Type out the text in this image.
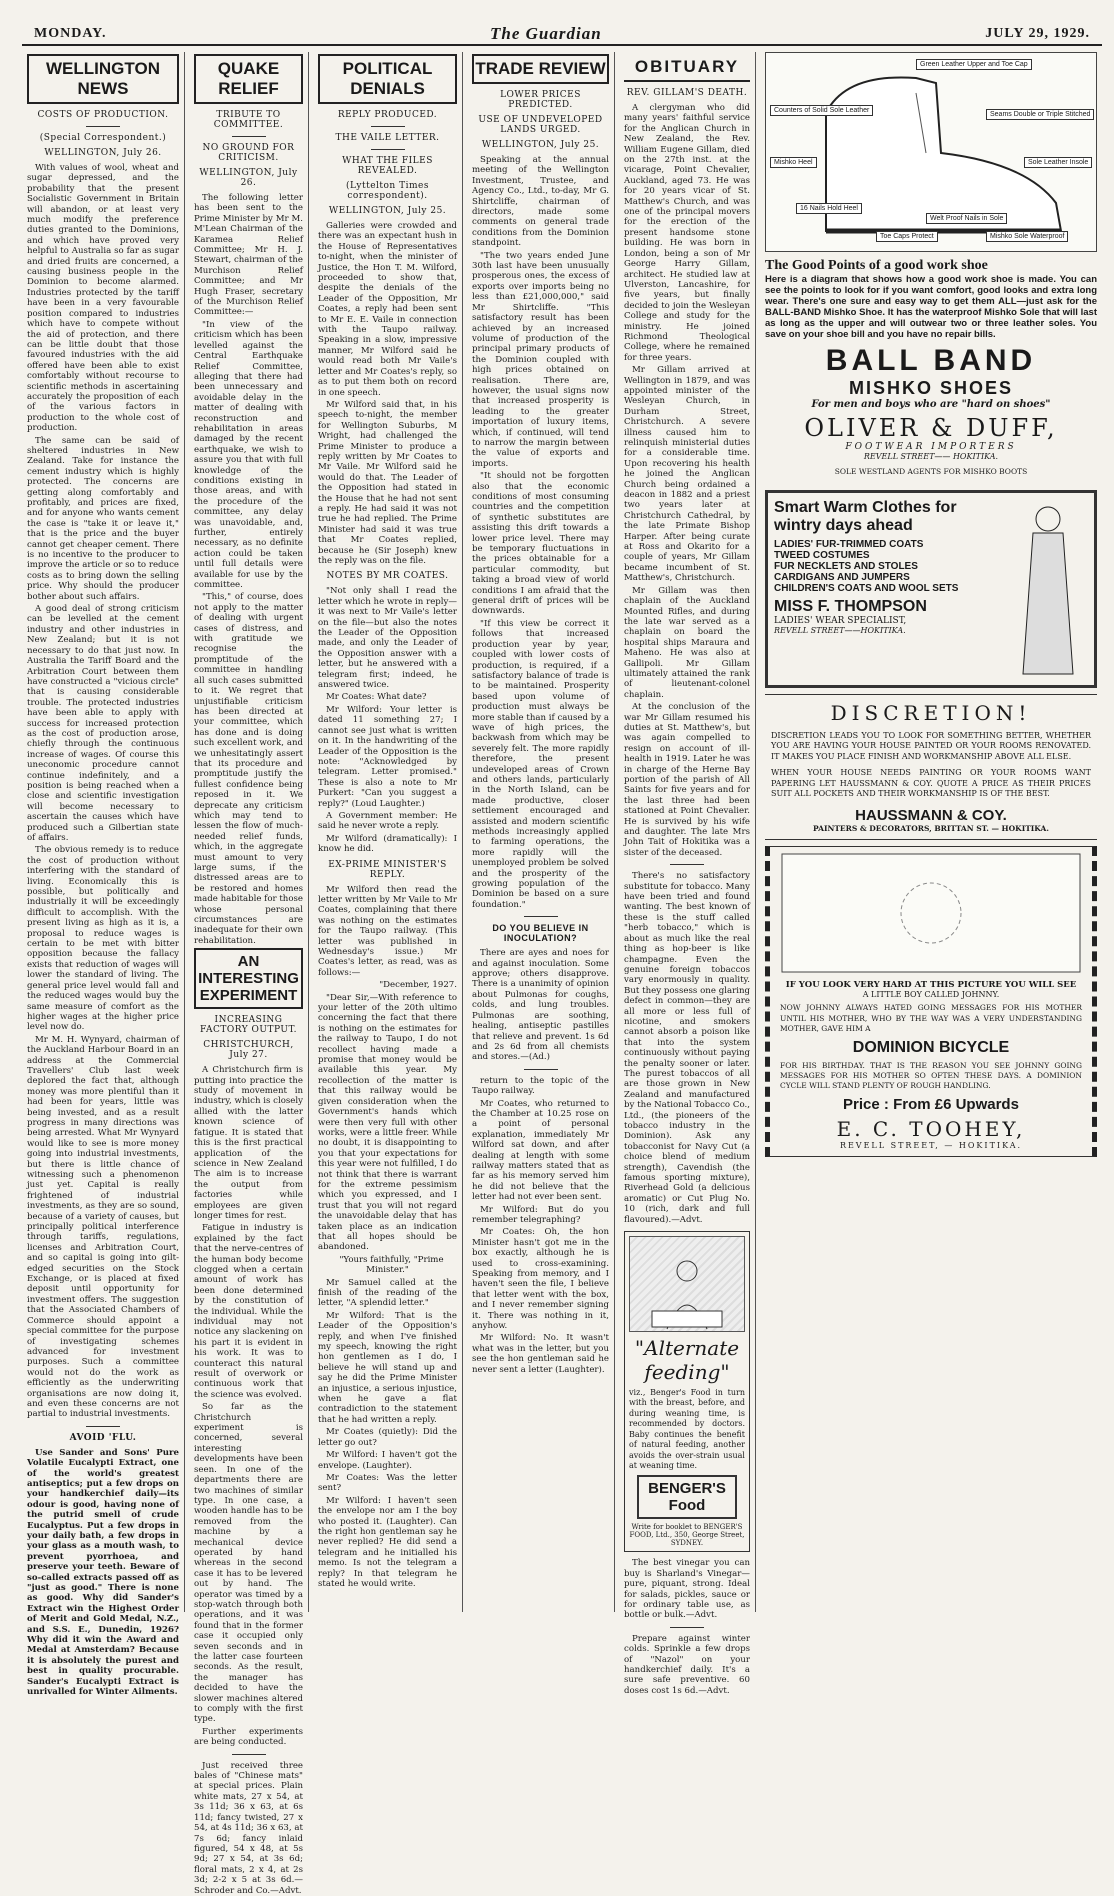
MONDAY.	The Guardian	JULY 29, 1929.
WELLINGTON NEWS
COSTS OF PRODUCTION.
(Special Correspondent.)
WELLINGTON, July 26.

With values of wool, wheat and sugar depressed, and the probability that the present Socialistic Government in Britain will abandon, or at least very much modify the preference duties granted to the Dominions, and which have proved very helpful to Australia so far as sugar and dried fruits are concerned, a causing business people in the Dominion to become alarmed. Industries protected by the tariff have been in a very favourable position compared to industries which have to compete without the aid of protection, and there can be little doubt that those favoured industries with the aid offered have been able to exist comfortably without recourse to scientific methods in ascertaining accurately the proposition of each of the various factors in production to the whole cost of production.

The same can be said of sheltered industries in New Zealand. Take for instance the cement industry which is highly protected. The concerns are getting along comfortably and profitably, and prices are fixed, and for anyone who wants cement the case is "take it or leave it," that is the price and the buyer cannot get cheaper cement. There is no incentive to the producer to improve the article or so to reduce costs as to bring down the selling price. Why should the producer bother about such affairs.

A good deal of strong criticism can be levelled at the cement industry and other industries in New Zealand; but it is not necessary to do that just now. In Australia the Tariff Board and the Arbitration Court between them have constructed a "vicious circle" that is causing considerable trouble. The protected industries have been able to apply with success for increased protection as the cost of production arose, chiefly through the continuous increase of wages. Of course this uneconomic procedure cannot continue indefinitely, and a position is being reached when a close and scientific investigation will become necessary to ascertain the causes which have produced such a Gilbertian state of affairs.

The obvious remedy is to reduce the cost of production without interfering with the standard of living. Economically this is possible, but politically and industrially it will be exceedingly difficult to accomplish. With the present living as high as it is, a proposal to reduce wages is certain to be met with bitter opposition because the fallacy exists that reduction of wages will lower the standard of living. The general price level would fall and the reduced wages would buy the same measure of comfort as the higher wages at the higher price level now do.

Mr M. H. Wynyard, chairman of the Auckland Harbour Board in an address at the Commercial Travellers' Club last week deplored the fact that, although money was more plentiful than it had been for years, little was being invested, and as a result progress in many directions was being arrested. What Mr Wynyard would like to see is more money going into industrial investments, but there is little chance of witnessing such a phenomenon just yet. Capital is really frightened of industrial investments, as they are so sound, because of a variety of causes, but principally political interference through tariffs, regulations, licenses and Arbitration Court, and so capital is going into gilt-edged securities on the Stock Exchange, or is placed at fixed deposit until opportunity for investment offers. The suggestion that the Associated Chambers of Commerce should appoint a special committee for the purpose of investigating schemes advanced for investment purposes. Such a committee would not do the work as efficiently as the underwriting organisations are now doing it, and even these concerns are not partial to industrial investments.

AVOID 'FLU.

Use Sander and Sons' Pure Volatile Eucalypti Extract, one of the world's greatest antiseptics; put a few drops on your handkerchief daily—its odour is good, having none of the putrid smell of crude Eucalyptus. Put a few drops in your daily bath, a few drops in your glass as a mouth wash, to prevent pyorrhoea, and preserve your teeth. Beware of so-called extracts passed off as "just as good." There is none as good. Why did Sander's Extract win the Highest Order of Merit and Gold Medal, N.Z., and S.S. E., Dunedin, 1926? Why did it win the Award and Medal at Amsterdam? Because it is absolutely the purest and best in quality procurable. Sander's Eucalypti Extract is unrivalled for Winter Ailments.

QUAKE RELIEF
TRIBUTE TO COMMITTEE.
NO GROUND FOR CRITICISM.
WELLINGTON, July 26.

The following letter has been sent to the Prime Minister by Mr M. M'Lean Chairman of the Karamea Relief Committee; Mr H. J. Stewart, chairman of the Murchison Relief Committee; and Mr Hugh Fraser, secretary of the Murchison Relief Committee:—

"In view of the criticism which has been levelled against the Central Earthquake Relief Committee, alleging that there had been unnecessary and avoidable delay in the matter of dealing with reconstruction and rehabilitation in areas damaged by the recent earthquake, we wish to assure you that with full knowledge of the conditions existing in those areas, and with the procedure of the committee, any delay was unavoidable, and, further, entirely necessary, as no definite action could be taken until full details were available for use by the committee.

"This," of course, does not apply to the matter of dealing with urgent cases of distress, and with gratitude we recognise the promptitude of the committee in handling all such cases submitted to it. We regret that unjustifiable criticism has been directed at your committee, which has done and is doing such excellent work, and we unhesitatingly assert that its procedure and promptitude justify the fullest confidence being reposed in it. We deprecate any criticism which may tend to lessen the flow of much-needed relief funds, which, in the aggregate must amount to very large sums, if the distressed areas are to be restored and homes made habitable for those whose personal circumstances are inadequate for their own rehabilitation.

AN INTERESTING EXPERIMENT
INCREASING FACTORY OUTPUT.
CHRISTCHURCH, July 27.

A Christchurch firm is putting into practice the study of movement in industry, which is closely allied with the latter known science of fatigue. It is stated that this is the first practical application of the science in New Zealand The aim is to increase the output from factories while employees are given longer times for rest.

Fatigue in industry is explained by the fact that the nerve-centres of the human body become clogged when a certain amount of work has been done determined by the constitution of the individual. While the individual may not notice any slackening on his part it is evident in his work. It was to counteract this natural result of overwork or continuous work that the science was evolved.

So far as the Christchurch experiment is concerned, several interesting developments have been seen. In one of the departments there are two machines of similar type. In one case, a wooden handle has to be removed from the machine by a mechanical device operated by hand whereas in the second case it has to be levered out by hand. The operator was timed by a stop-watch through both operations, and it was found that in the former case it occupied only seven seconds and in the latter case fourteen seconds. As the result, the manager has decided to have the slower machines altered to comply with the first type.

Further experiments are being conducted.

Just received three bales of "Chinese mats" at special prices. Plain white mats, 27 x 54, at 3s 11d; 36 x 63, at 6s 11d; fancy twisted, 27 x 54, at 4s 11d; 36 x 63, at 7s 6d; fancy inlaid figured, 54 x 48, at 5s 9d; 27 x 54, at 3s 6d; floral mats, 2 x 4, at 2s 3d; 2-2 x 5 at 3s 6d.—Schroder and Co.—Advt.

POLITICAL DENIALS
REPLY PRODUCED.
THE VAILE LETTER.
WHAT THE FILES REVEALED.
(Lyttelton Times correspondent).
WELLINGTON, July 25.

Galleries were crowded and there was an expectant hush in the House of Representatives to-night, when the minister of Justice, the Hon T. M. Wilford, proceeded to show that, despite the denials of the Leader of the Opposition, Mr Coates, a reply had been sent to Mr E. E. Vaile in connection with the Taupo railway. Speaking in a slow, impressive manner, Mr Wilford said he would read both Mr Vaile's letter and Mr Coates's reply, so as to put them both on record in one speech.

Mr Wilford said that, in his speech to-night, the member for Wellington Suburbs, M Wright, had challenged the Prime Minister to produce a reply written by Mr Coates to Mr Vaile. Mr Wilford said he would do that. The Leader of the Opposition had stated in the House that he had not sent a reply. He had said it was not true he had replied. The Prime Minister had said it was true that Mr Coates replied, because he (Sir Joseph) knew the reply was on the file.

NOTES BY MR COATES.

"Not only shall I read the letter which he wrote in reply—it was next to Mr Vaile's letter on the file—but also the notes the Leader of the Opposition made, and only the Leader of the Opposition answer with a letter, but he answered with a telegram first; indeed, he answered twice.

Mr Coates: What date?

Mr Wilford: Your letter is dated 11 something 27; I cannot see just what is written on it. In the handwriting of the Leader of the Opposition is the note: "Acknowledged by telegram. Letter promised." These is also a note to Mr Purkert: "Can you suggest a reply?" (Loud Laughter.)

A Government member: He said he never wrote a reply.

Mr Wilford (dramatically): I know he did.

EX-PRIME MINISTER'S REPLY.

Mr Wilford then read the letter written by Mr Vaile to Mr Coates, complaining that there was nothing on the estimates for the Taupo railway. (This letter was published in Wednesday's issue.) Mr Coates's letter, as read, was as follows:—

"December, 1927.

"Dear Sir,—With reference to your letter of the 20th ultimo concerning the fact that there is nothing on the estimates for the railway to Taupo, I do not recollect having made a promise that money would be available this year. My recollection of the matter is that this railway would be given consideration when the Government's hands which were then very full with other works, were a little freer. While no doubt, it is disappointing to you that your expectations for this year were not fulfilled, I do not think that there is warrant for the extreme pessimism which you expressed, and I trust that you will not regard the unavoidable delay that has taken place as an indication that all hopes should be abandoned.

"Yours faithfully, "Prime Minister."

Mr Samuel called at the finish of the reading of the letter, "A splendid letter."

Mr Wilford: That is the Leader of the Opposition's reply, and when I've finished my speech, knowing the right hon gentlemen as I do, I believe he will stand up and say he did the Prime Minister an injustice, a serious injustice, when he gave a flat contradiction to the statement that he had written a reply.

Mr Coates (quietly): Did the letter go out?

Mr Wilford: I haven't got the envelope. (Laughter).

Mr Coates: Was the letter sent?

Mr Wilford: I haven't seen the envelope nor am I the boy who posted it. (Laughter). Can the right hon gentleman say he never replied? He did send a telegram and he initialled his memo. Is not the telegram a reply? In that telegram he stated he would write.

TRADE REVIEW
LOWER PRICES PREDICTED.
USE OF UNDEVELOPED LANDS URGED.
WELLINGTON, July 25.

Speaking at the annual meeting of the Wellington Investment, Trustee, and Agency Co., Ltd., to-day, Mr G. Shirtcliffe, chairman of directors, made some comments on general trade conditions from the Dominion standpoint.

"The two years ended June 30th last have been unusually prosperous ones, the excess of exports over imports being no less than £21,000,000," said Mr Shirtcliffe. "This satisfactory result has been achieved by an increased volume of production of the principal primary products of the Dominion coupled with high prices obtained on realisation. There are, however, the usual signs now that increased prosperity is leading to the greater importation of luxury items, which, if continued, will tend to narrow the margin between the value of exports and imports.

"It should not be forgotten also that the economic conditions of most consuming countries and the competition of synthetic substitutes are assisting this drift towards a lower price level. There may be temporary fluctuations in the prices obtainable for a particular commodity, but taking a broad view of world conditions I am afraid that the general drift of prices will be downwards.

"If this view be correct it follows that increased production year by year, coupled with lower costs of production, is required, if a satisfactory balance of trade is to be maintained. Prosperity based upon volume of production must always be more stable than if caused by a wave of high prices, the backwash from which may be severely felt. The more rapidly therefore, the present undeveloped areas of Crown and others lands, particularly in the North Island, can be made productive, closer settlement encouraged and assisted and modern scientific methods increasingly applied to farming operations, the more rapidly will the unemployed problem be solved and the prosperity of the growing population of the Dominion be based on a sure foundation."

DO YOU BELIEVE IN INOCULATION?

There are ayes and noes for and against inoculation. Some approve; others disapprove. There is a unanimity of opinion about Pulmonas for coughs, colds, and lung troubles. Pulmonas are soothing, healing, antiseptic pastilles that relieve and prevent. 1s 6d and 2s 6d from all chemists and stores.—(Ad.)

return to the topic of the Taupo railway.

Mr Coates, who returned to the Chamber at 10.25 rose on a point of personal explanation, immediately Mr Wilford sat down, and after dealing at length with some railway matters stated that as far as his memory served him he did not believe that the letter had not ever been sent.

Mr Wilford: But do you remember telegraphing?

Mr Coates: Oh, the hon Minister hasn't got me in the box exactly, although he is used to cross-examining. Speaking from memory, and I haven't seen the file, I believe that letter went with the box, and I never remember signing it. There was nothing in it, anyhow.

Mr Wilford: No. It wasn't what was in the letter, but you see the hon gentleman said he never sent a letter (Laughter).

OBITUARY
REV. GILLAM'S DEATH.

A clergyman who did many years' faithful service for the Anglican Church in New Zealand, the Rev. William Eugene Gillam, died on the 27th inst. at the vicarage, Point Chevalier, Auckland, aged 73. He was for 20 years vicar of St. Matthew's Church, and was one of the principal movers for the erection of the present handsome stone building. He was born in London, being a son of Mr George Harry Gillam, architect. He studied law at Ulverston, Lancashire, for five years, but finally decided to join the Wesleyan College and study for the ministry. He joined Richmond Theological College, where he remained for three years.

Mr Gillam arrived at Wellington in 1879, and was appointed minister of the Wesleyan Church, in Durham Street, Christchurch. A severe illness caused him to relinquish ministerial duties for a considerable time. Upon recovering his health he joined the Anglican Church being ordained a deacon in 1882 and a priest two years later at Christchurch Cathedral, by the late Primate Bishop Harper. After being curate at Ross and Okarito for a couple of years, Mr Gillam became incumbent of St. Matthew's, Christchurch.

Mr Gillam was then chaplain of the Auckland Mounted Rifles, and during the late war served as a chaplain on board the hospital ships Maraura and Maheno. He was also at Gallipoli. Mr Gillam ultimately attained the rank of lieutenant-colonel chaplain.

At the conclusion of the war Mr Gillam resumed his duties at St. Matthew's, but was again compelled to resign on account of ill-health in 1919. Later he was in charge of the Herne Bay portion of the parish of All Saints for five years and for the last three had been stationed at Point Chevalier. He is survived by his wife and daughter. The late Mrs John Tait of Hokitika was a sister of the deceased.

There's no satisfactory substitute for tobacco. Many have been tried and found wanting. The best known of these is the stuff called "herb tobacco," which is about as much like the real thing as hop-beer is like champagne. Even the genuine foreign tobaccos vary enormously in quality. But they possess one glaring defect in common—they are all more or less full of nicotine, and smokers cannot absorb a poison like that into the system continuously without paying the penalty sooner or later. The purest tobaccos of all are those grown in New Zealand and manufactured by the National Tobacco Co., Ltd., (the pioneers of the tobacco industry in the Dominion). Ask any tobacconist for Navy Cut (a choice blend of medium strength), Cavendish (the famous sporting mixture), Riverhead Gold (a delicious aromatic) or Cut Plug No. 10 (rich, dark and full flavoured).—Advt.

"Alternate feeding"

viz., Benger's Food in turn with the breast, before, and during weaning time, is recommended by doctors. Baby continues the benefit of natural feeding, another avoids the over-strain usual at weaning time.

BENGER'S Food
Write for booklet to BENGER'S FOOD, Ltd., 350, George Street, SYDNEY.

The best vinegar you can buy is Sharland's Vinegar—pure, piquant, strong. Ideal for salads, pickles, sauce or for ordinary table use, as bottle or bulk.—Advt.

Prepare against winter colds. Sprinkle a few drops of "Nazol" on your handkerchief daily. It's a sure safe preventive. 60 doses cost 1s 6d.—Advt.

Green Leather Upper and Toe Cap
Counters of Solid Sole Leather
Seams Double or Triple Stitched
Mishko Heel	Sole Leather Insole
16 Nails Hold Heel
Toe Caps Protect	Mishko Sole Waterproof
Welt Proof Nails in Sole
The Good Points of a good work shoe

Here is a diagram that shows how a good work shoe is made. You can see the points to look for if you want comfort, good looks and extra long wear. There's one sure and easy way to get them ALL—just ask for the BALL-BAND Mishko Shoe. It has the waterproof Mishko Sole that will last as long as the upper and will outwear two or three leather soles. You save on your shoe bill and you have no repair bills.

BALL BAND
MISHKO SHOES
For men and boys who are "hard on shoes"
OLIVER & DUFF,
FOOTWEAR IMPORTERS
REVELL STREET—— HOKITIKA.
SOLE WESTLAND AGENTS FOR MISHKO BOOTS
Smart Warm Clothes for wintry days ahead
LADIES' FUR-TRIMMED COATS
TWEED COSTUMES
FUR NECKLETS AND STOLES
CARDIGANS AND JUMPERS
CHILDREN'S COATS AND WOOL SETS
MISS F. THOMPSON
LADIES' WEAR SPECIALIST,
REVELL STREET——HOKITIKA.
DISCRETION!

DISCRETION LEADS YOU TO LOOK FOR SOMETHING BETTER, WHETHER YOU ARE HAVING YOUR HOUSE PAINTED OR YOUR ROOMS RENOVATED. IT MAKES YOU PLACE FINISH AND WORKMANSHIP ABOVE ALL ELSE.

WHEN YOUR HOUSE NEEDS PAINTING OR YOUR ROOMS WANT PAPERING LET HAUSSMANN & COY. QUOTE A PRICE AS THEIR PRICES SUIT ALL POCKETS AND THEIR WORKMANSHIP IS OF THE BEST.

HAUSSMANN & COY.
PAINTERS & DECORATORS, BRITTAN ST. — HOKITIKA.
IF YOU LOOK VERY HARD AT THIS PICTURE YOU WILL SEE
A LITTLE BOY CALLED JOHNNY.

NOW JOHNNY ALWAYS HATED GOING MESSAGES FOR HIS MOTHER UNTIL HIS MOTHER, WHO BY THE WAY WAS A VERY UNDERSTANDING MOTHER, GAVE HIM A

DOMINION BICYCLE

FOR HIS BIRTHDAY. THAT IS THE REASON YOU SEE JOHNNY GOING MESSAGES FOR HIS MOTHER SO OFTEN THESE DAYS. A DOMINION CYCLE WILL STAND PLENTY OF ROUGH HANDLING.

Price : From £6 Upwards
E. C. TOOHEY,
REVELL STREET, — HOKITIKA.
